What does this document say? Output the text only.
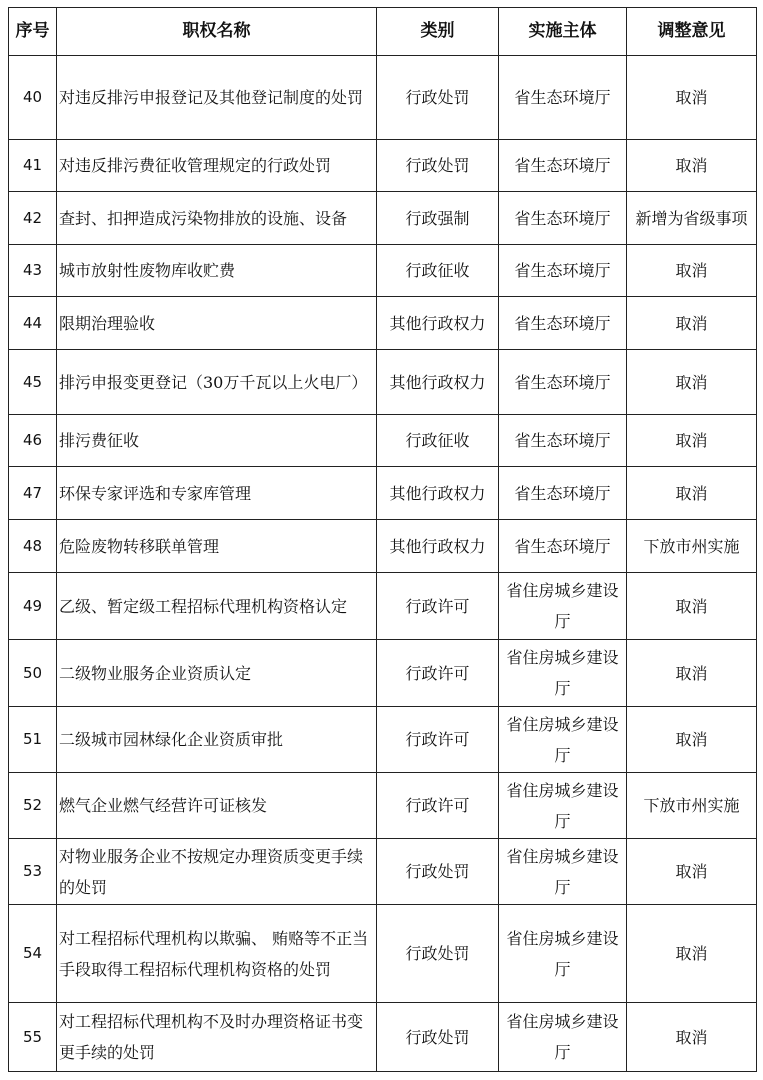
序号	职权名称	类别	实施主体	调整意见
40	对违反排污申报登记及其他登记制度的处罚	行政处罚	省生态环境厅	取消
41	对违反排污费征收管理规定的行政处罚	行政处罚	省生态环境厅	取消
42	查封、扣押造成污染物排放的设施、设备	行政强制	省生态环境厅	新增为省级事项
43	城市放射性废物库收贮费	行政征收	省生态环境厅	取消
44	限期治理验收	其他行政权力	省生态环境厅	取消
45	排污申报变更登记（30万千瓦以上火电厂）	其他行政权力	省生态环境厅	取消
46	排污费征收	行政征收	省生态环境厅	取消
47	环保专家评选和专家库管理	其他行政权力	省生态环境厅	取消
48	危险废物转移联单管理	其他行政权力	省生态环境厅	下放市州实施
49	乙级、暂定级工程招标代理机构资格认定	行政许可	省住房城乡建设厅	取消
50	二级物业服务企业资质认定	行政许可	省住房城乡建设厅	取消
51	二级城市园林绿化企业资质审批	行政许可	省住房城乡建设厅	取消
52	燃气企业燃气经营许可证核发	行政许可	省住房城乡建设厅	下放市州实施
53	对物业服务企业不按规定办理资质变更手续的处罚	行政处罚	省住房城乡建设厅	取消
54	对工程招标代理机构以欺骗、 贿赂等不正当手段取得工程招标代理机构资格的处罚	行政处罚	省住房城乡建设厅	取消
55	对工程招标代理机构不及时办理资格证书变更手续的处罚	行政处罚	省住房城乡建设厅	取消
